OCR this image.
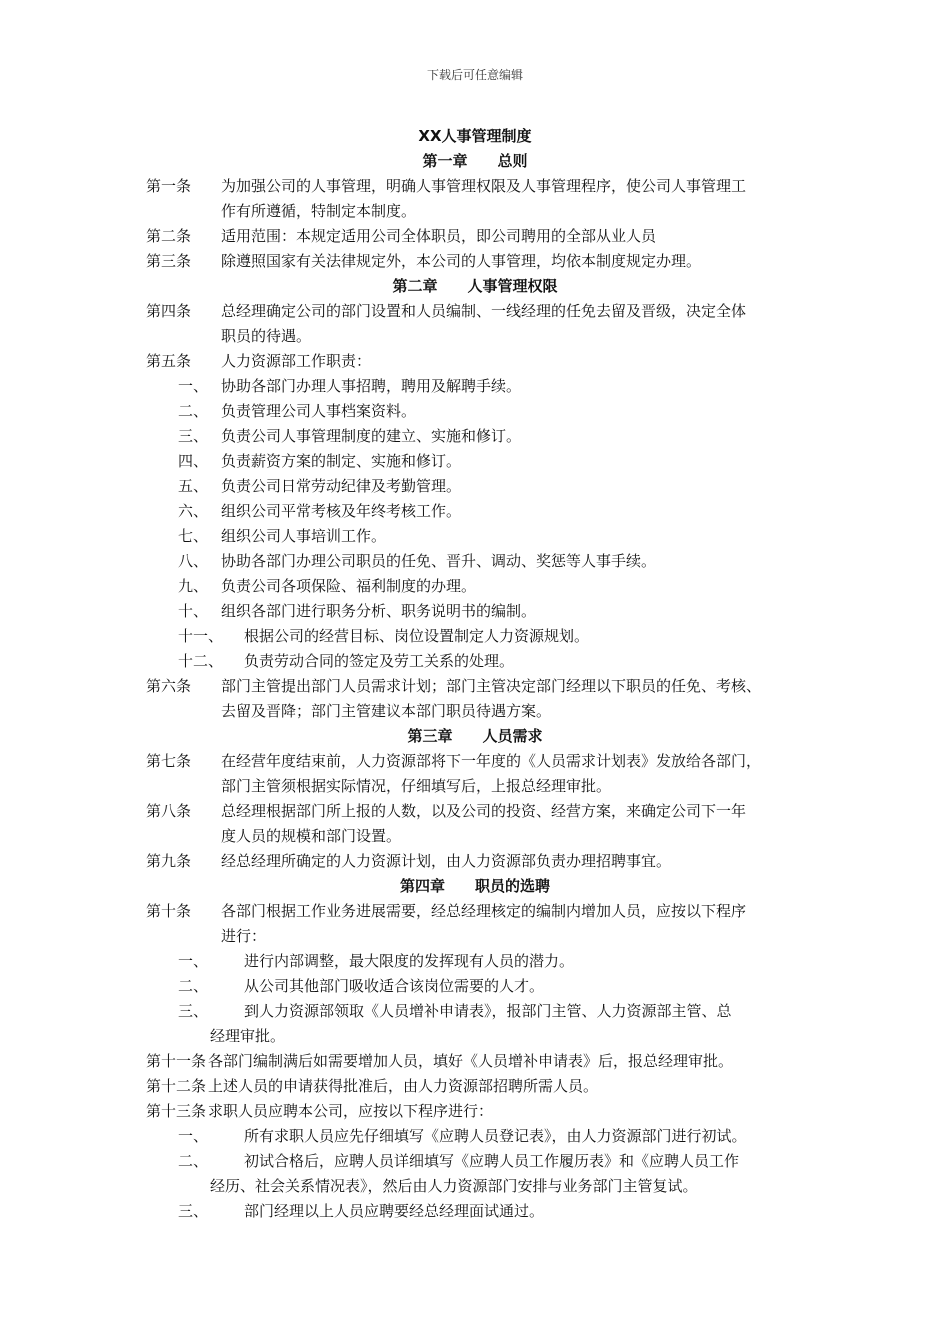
下载后可任意编辑
XX人事管理制度
第一章　　总则
第一条 为加强公司的人事管理，明确人事管理权限及人事管理程序，使公司人事管理工
作有所遵循，特制定本制度。
第二条 适用范围：本规定适用公司全体职员，即公司聘用的全部从业人员
第三条 除遵照国家有关法律规定外，本公司的人事管理，均依本制度规定办理。
第二章　　人事管理权限
第四条 总经理确定公司的部门设置和人员编制、一线经理的任免去留及晋级，决定全体
职员的待遇。
第五条 人力资源部工作职责：
一、 协助各部门办理人事招聘，聘用及解聘手续。
二、 负责管理公司人事档案资料。
三、 负责公司人事管理制度的建立、实施和修订。
四、 负责薪资方案的制定、实施和修订。
五、 负责公司日常劳动纪律及考勤管理。
六、 组织公司平常考核及年终考核工作。
七、 组织公司人事培训工作。
八、 协助各部门办理公司职员的任免、晋升、调动、奖惩等人事手续。
九、 负责公司各项保险、福利制度的办理。
十、 组织各部门进行职务分析、职务说明书的编制。
十一、 根据公司的经营目标、岗位设置制定人力资源规划。
十二、 负责劳动合同的签定及劳工关系的处理。
第六条 部门主管提出部门人员需求计划；部门主管决定部门经理以下职员的任免、考核、
去留及晋降；部门主管建议本部门职员待遇方案。
第三章　　人员需求
第七条 在经营年度结束前，人力资源部将下一年度的《人员需求计划表》发放给各部门，
部门主管须根据实际情况，仔细填写后，上报总经理审批。
第八条 总经理根据部门所上报的人数，以及公司的投资、经营方案，来确定公司下一年
度人员的规模和部门设置。
第九条 经总经理所确定的人力资源计划，由人力资源部负责办理招聘事宜。
第四章　　职员的选聘
第十条 各部门根据工作业务进展需要，经总经理核定的编制内增加人员，应按以下程序
进行：
一、 进行内部调整，最大限度的发挥现有人员的潜力。
二、 从公司其他部门吸收适合该岗位需要的人才。
三、 到人力资源部领取《人员增补申请表》，报部门主管、人力资源部主管、总
经理审批。
第十一条 各部门编制满后如需要增加人员，填好《人员增补申请表》后，报总经理审批。
第十二条 上述人员的申请获得批准后，由人力资源部招聘所需人员。
第十三条 求职人员应聘本公司，应按以下程序进行：
一、 所有求职人员应先仔细填写《应聘人员登记表》，由人力资源部门进行初试。
二、 初试合格后，应聘人员详细填写《应聘人员工作履历表》和《应聘人员工作
经历、社会关系情况表》，然后由人力资源部门安排与业务部门主管复试。
三、 部门经理以上人员应聘要经总经理面试通过。
